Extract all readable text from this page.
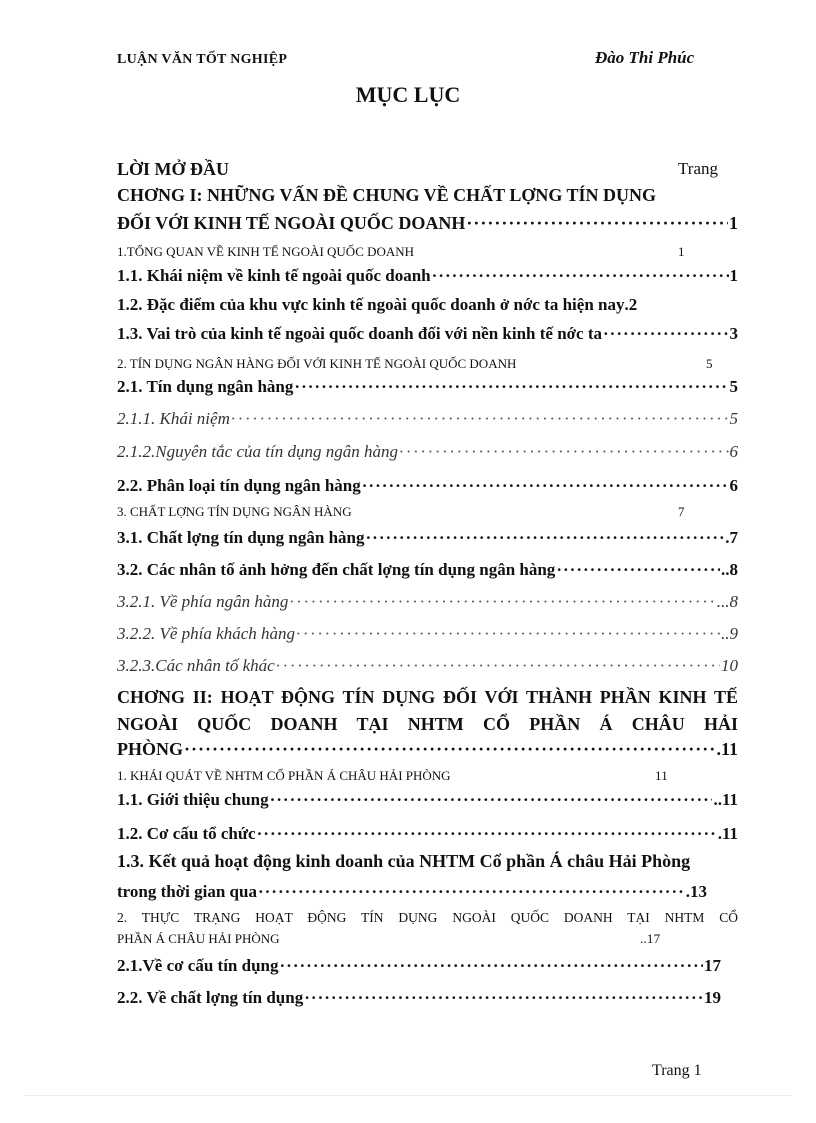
LUẬN VĂN TỐT NGHIỆP	Đào Thi Phúc
MỤC LỤC
LỜI MỞ ĐẦU	Trang
CHƠNG I: NHỮNG VẤN ĐỀ CHUNG VỀ CHẤT LỢNG TÍN DỤNG
ĐỐI VỚI KINH TẾ NGOÀI QUỐC DOANH ·····	1
1.TỔNG QUAN VỀ KINH TẾ NGOÀI QUỐC DOANH	1
1.1. Khái niệm về kinh tế ngoài quốc doanh ·····	1
1.2. Đặc điểm của khu vực kinh tế ngoài quốc doanh ở nớc ta hiện nay .2
1.3. Vai trò của kinh tế ngoài quốc doanh đối với nền kinh tế nớc ta ·····	3
2. TÍN DỤNG NGÂN HÀNG ĐỐI VỚI KINH TẾ NGOÀI QUỐC DOANH	5
2.1. Tín dụng ngân hàng ·····	5
2.1.1. Khái niệm ·····	5
2.1.2.Nguyên tắc của tín dụng ngân hàng ·····	6
2.2. Phân loại tín dụng ngân hàng ·····	6
3. CHẤT LỢNG TÍN DỤNG NGÂN HÀNG	7
3.1. Chất lợng tín dụng ngân hàng ·····	.7
3.2. Các nhân tố ảnh hởng đến chất lợng tín dụng ngân hàng ·····	..8
3.2.1. Về phía ngân hàng ·····	...8
3.2.2. Về phía khách hàng ·····	..9
3.2.3.Các nhân tố khác ·····	10
CHƠNG II: HOẠT ĐỘNG TÍN DỤNG ĐỐI VỚI THÀNH PHẦN KINH TẾ NGOÀI QUỐC DOANH TẠI NHTM CỔ PHẦN Á CHÂU HẢI
PHÒNG ·····	.11
1. KHÁI QUÁT VỀ NHTM CỔ PHẦN Á CHÂU HẢI PHÒNG	11
1.1. Giới thiệu chung ·····	..11
1.2. Cơ cấu tổ chức ·····	.11
1.3. Kết quả hoạt động kinh doanh của NHTM Cổ phần Á châu Hải Phòng
trong thời gian qua ·····	.13
2. THỰC TRẠNG HOẠT ĐỘNG TÍN DỤNG NGOÀI QUỐC DOANH TẠI NHTM CỔ
PHẦN Á CHÂU HẢI PHÒNG	..17
2.1.Về cơ cấu tín dụng ·····	17
2.2. Về chất lợng tín dụng ·····	19
Trang 1
